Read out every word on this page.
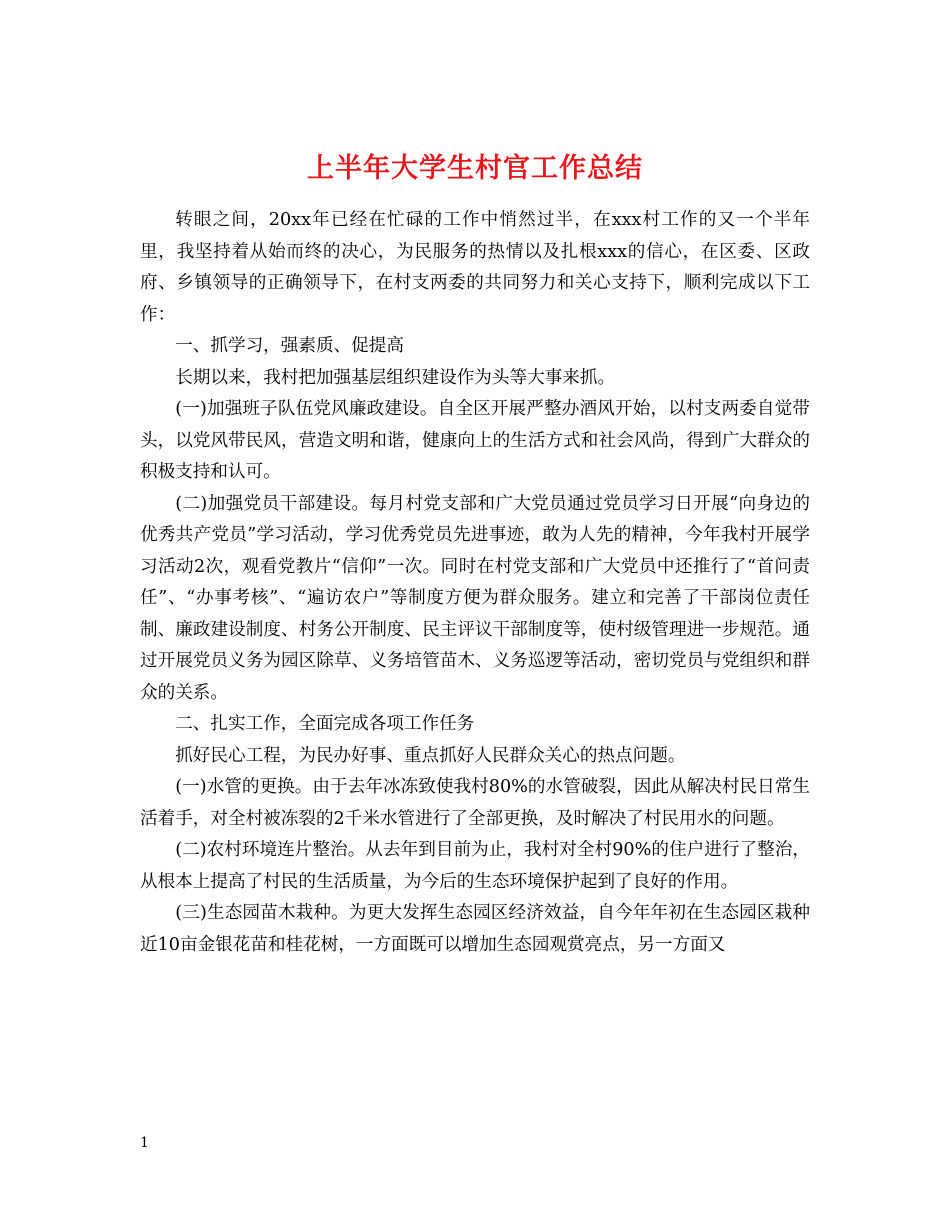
上半年大学生村官工作总结

转眼之间，20xx年已经在忙碌的工作中悄然过半，在xxx村工作的又一个半年里，我坚持着从始而终的决心，为民服务的热情以及扎根xxx的信心，在区委、区政府、乡镇领导的正确领导下，在村支两委的共同努力和关心支持下，顺利完成以下工作：

一、抓学习，强素质、促提高

长期以来，我村把加强基层组织建设作为头等大事来抓。

(一)加强班子队伍党风廉政建设。自全区开展严整办酒风开始，以村支两委自觉带头，以党风带民风，营造文明和谐，健康向上的生活方式和社会风尚，得到广大群众的积极支持和认可。

(二)加强党员干部建设。每月村党支部和广大党员通过党员学习日开展“向身边的优秀共产党员”学习活动，学习优秀党员先进事迹，敢为人先的精神，今年我村开展学习活动2次，观看党教片“信仰”一次。同时在村党支部和广大党员中还推行了“首问责任”、“办事考核”、“遍访农户”等制度方便为群众服务。建立和完善了干部岗位责任制、廉政建设制度、村务公开制度、民主评议干部制度等，使村级管理进一步规范。通过开展党员义务为园区除草、义务培管苗木、义务巡逻等活动，密切党员与党组织和群众的关系。

二、扎实工作，全面完成各项工作任务

抓好民心工程，为民办好事、重点抓好人民群众关心的热点问题。

(一)水管的更换。由于去年冰冻致使我村80%的水管破裂，因此从解决村民日常生活着手，对全村被冻裂的2千米水管进行了全部更换，及时解决了村民用水的问题。

(二)农村环境连片整治。从去年到目前为止，我村对全村90%的住户进行了整治，从根本上提高了村民的生活质量，为今后的生态环境保护起到了良好的作用。

(三)生态园苗木栽种。为更大发挥生态园区经济效益，自今年年初在生态园区栽种近10亩金银花苗和桂花树，一方面既可以增加生态园观赏亮点，另一方面又

1
